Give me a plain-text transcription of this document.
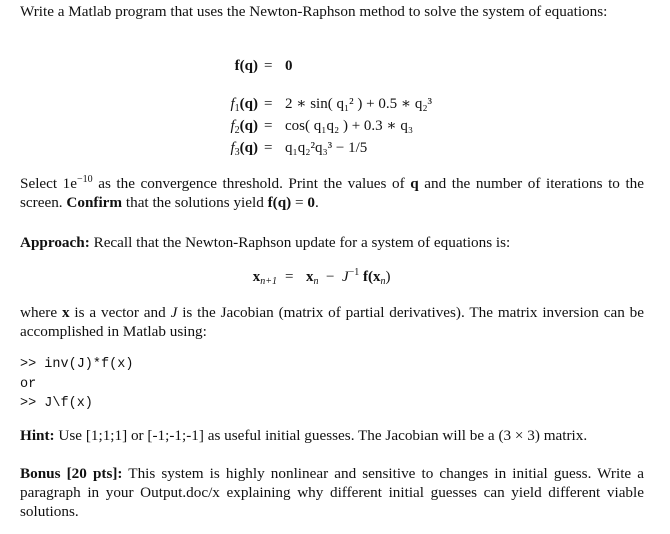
Write a Matlab program that uses the Newton-Raphson method to solve the system of equations:

f(q) = 0
$f_1(q) = 2$ ∗ sin( q₁² ) + 0.5 ∗ q₂³
$f_2(q) = \cos$( q₁q₂ ) + 0.3 ∗ q₃
$f_3(q) = q_1q_2^2q_3^3 - 1/5$

Select $1e^{-10}$ as the convergence threshold. Print the values of q and the number of iterations to the screen. Confirm that the solutions yield f(q) = 0.

Approach: Recall that the Newton-Raphson update for a system of equations is:

$x_{n+1} = x_n - J^{-1}$ $f(x_n)$

where x is a vector and J is the Jacobian (matrix of partial derivatives). The matrix inversion can be accomplished in Matlab using:

>> inv(J)*f(x)
or
>> J\f(x)

Hint: Use [1;1;1] or [-1;-1;-1] as useful initial guesses. The Jacobian will be a (3 × 3) matrix.

Bonus [20 pts]: This system is highly nonlinear and sensitive to changes in initial guess. Write a paragraph in your Output.doc/x explaining why different initial guesses can yield different viable solutions.
